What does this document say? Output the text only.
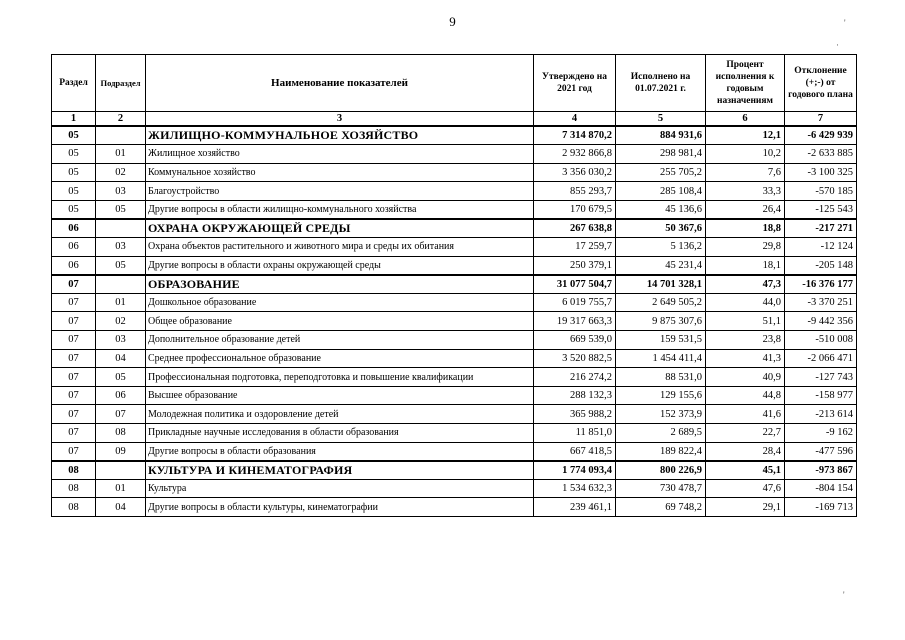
9
Раздел	Подраздел	Наименование показателей	Утверждено на 2021 год	Исполнено на 01.07.2021 г.	Процент исполнения к годовым назначениям	Отклонение (+;-) от годового плана
1	2	3	4	5	6	7
05		ЖИЛИЩНО-КОММУНАЛЬНОЕ ХОЗЯЙСТВО	7 314 870,2	884 931,6	12,1	-6 429 939
05	01	Жилищное хозяйство	2 932 866,8	298 981,4	10,2	-2 633 885
05	02	Коммунальное хозяйство	3 356 030,2	255 705,2	7,6	-3 100 325
05	03	Благоустройство	855 293,7	285 108,4	33,3	-570 185
05	05	Другие вопросы в области жилищно-коммунального хозяйства	170 679,5	45 136,6	26,4	-125 543
06		ОХРАНА ОКРУЖАЮЩЕЙ СРЕДЫ	267 638,8	50 367,6	18,8	-217 271
06	03	Охрана объектов растительного и животного мира и среды их обитания	17 259,7	5 136,2	29,8	-12 124
06	05	Другие вопросы в области охраны окружающей среды	250 379,1	45 231,4	18,1	-205 148
07		ОБРАЗОВАНИЕ	31 077 504,7	14 701 328,1	47,3	-16 376 177
07	01	Дошкольное образование	6 019 755,7	2 649 505,2	44,0	-3 370 251
07	02	Общее образование	19 317 663,3	9 875 307,6	51,1	-9 442 356
07	03	Дополнительное образование детей	669 539,0	159 531,5	23,8	-510 008
07	04	Среднее профессиональное образование	3 520 882,5	1 454 411,4	41,3	-2 066 471
07	05	Профессиональная подготовка, переподготовка и повышение квалификации	216 274,2	88 531,0	40,9	-127 743
07	06	Высшее образование	288 132,3	129 155,6	44,8	-158 977
07	07	Молодежная политика и оздоровление детей	365 988,2	152 373,9	41,6	-213 614
07	08	Прикладные научные исследования в области образования	11 851,0	2 689,5	22,7	-9 162
07	09	Другие вопросы в области образования	667 418,5	189 822,4	28,4	-477 596
08		КУЛЬТУРА И КИНЕМАТОГРАФИЯ	1 774 093,4	800 226,9	45,1	-973 867
08	01	Культура	1 534 632,3	730 478,7	47,6	-804 154
08	04	Другие вопросы в области культуры, кинематографии	239 461,1	69 748,2	29,1	-169 713
'
·
'
